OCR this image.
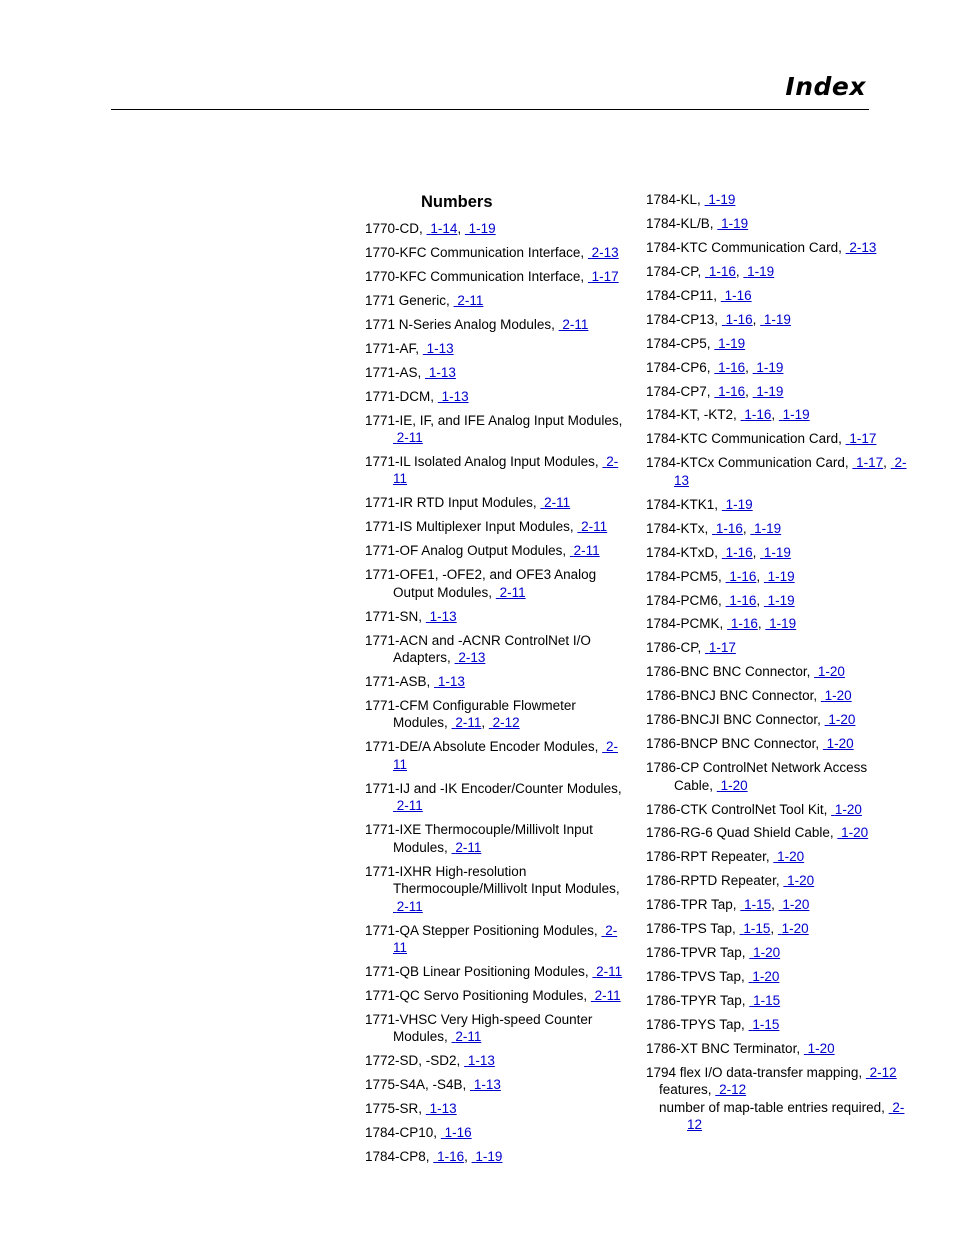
Index
Numbers
1770-CD, 1-14, 1-19
1770-KFC Communication Interface, 2-13
1770-KFC Communication Interface, 1-17
1771 Generic, 2-11
1771 N-Series Analog Modules, 2-11
1771-AF, 1-13
1771-AS, 1-13
1771-DCM, 1-13
1771-IE, IF, and IFE Analog Input Modules, 2-11
1771-IL Isolated Analog Input Modules, 2-11
1771-IR RTD Input Modules, 2-11
1771-IS Multiplexer Input Modules, 2-11
1771-OF Analog Output Modules, 2-11
1771-OFE1, -OFE2, and OFE3 Analog Output Modules, 2-11
1771-SN, 1-13
1771-ACN and -ACNR ControlNet I/O Adapters, 2-13
1771-ASB, 1-13
1771-CFM Configurable Flowmeter Modules, 2-11, 2-12
1771-DE/A Absolute Encoder Modules, 2-11
1771-IJ and -IK Encoder/Counter Modules, 2-11
1771-IXE Thermocouple/Millivolt Input Modules, 2-11
1771-IXHR High-resolution Thermocouple/Millivolt Input Modules, 2-11
1771-QA Stepper Positioning Modules, 2-11
1771-QB Linear Positioning Modules, 2-11
1771-QC Servo Positioning Modules, 2-11
1771-VHSC Very High-speed Counter Modules, 2-11
1772-SD, -SD2, 1-13
1775-S4A, -S4B, 1-13
1775-SR, 1-13
1784-CP10, 1-16
1784-CP8, 1-16, 1-19
1784-KL, 1-19
1784-KL/B, 1-19
1784-KTC Communication Card, 2-13
1784-CP, 1-16, 1-19
1784-CP11, 1-16
1784-CP13, 1-16, 1-19
1784-CP5, 1-19
1784-CP6, 1-16, 1-19
1784-CP7, 1-16, 1-19
1784-KT, -KT2, 1-16, 1-19
1784-KTC Communication Card, 1-17
1784-KTCx Communication Card, 1-17, 2-13
1784-KTK1, 1-19
1784-KTx, 1-16, 1-19
1784-KTxD, 1-16, 1-19
1784-PCM5, 1-16, 1-19
1784-PCM6, 1-16, 1-19
1784-PCMK, 1-16, 1-19
1786-CP, 1-17
1786-BNC BNC Connector, 1-20
1786-BNCJ BNC Connector, 1-20
1786-BNCJI BNC Connector, 1-20
1786-BNCP BNC Connector, 1-20
1786-CP ControlNet Network Access Cable, 1-20
1786-CTK ControlNet Tool Kit, 1-20
1786-RG-6 Quad Shield Cable, 1-20
1786-RPT Repeater, 1-20
1786-RPTD Repeater, 1-20
1786-TPR Tap, 1-15, 1-20
1786-TPS Tap, 1-15, 1-20
1786-TPVR Tap, 1-20
1786-TPVS Tap, 1-20
1786-TPYR Tap, 1-15
1786-TPYS Tap, 1-15
1786-XT BNC Terminator, 1-20
1794 flex I/O data-transfer mapping, 2-12
features, 2-12
number of map-table entries required, 2-12
